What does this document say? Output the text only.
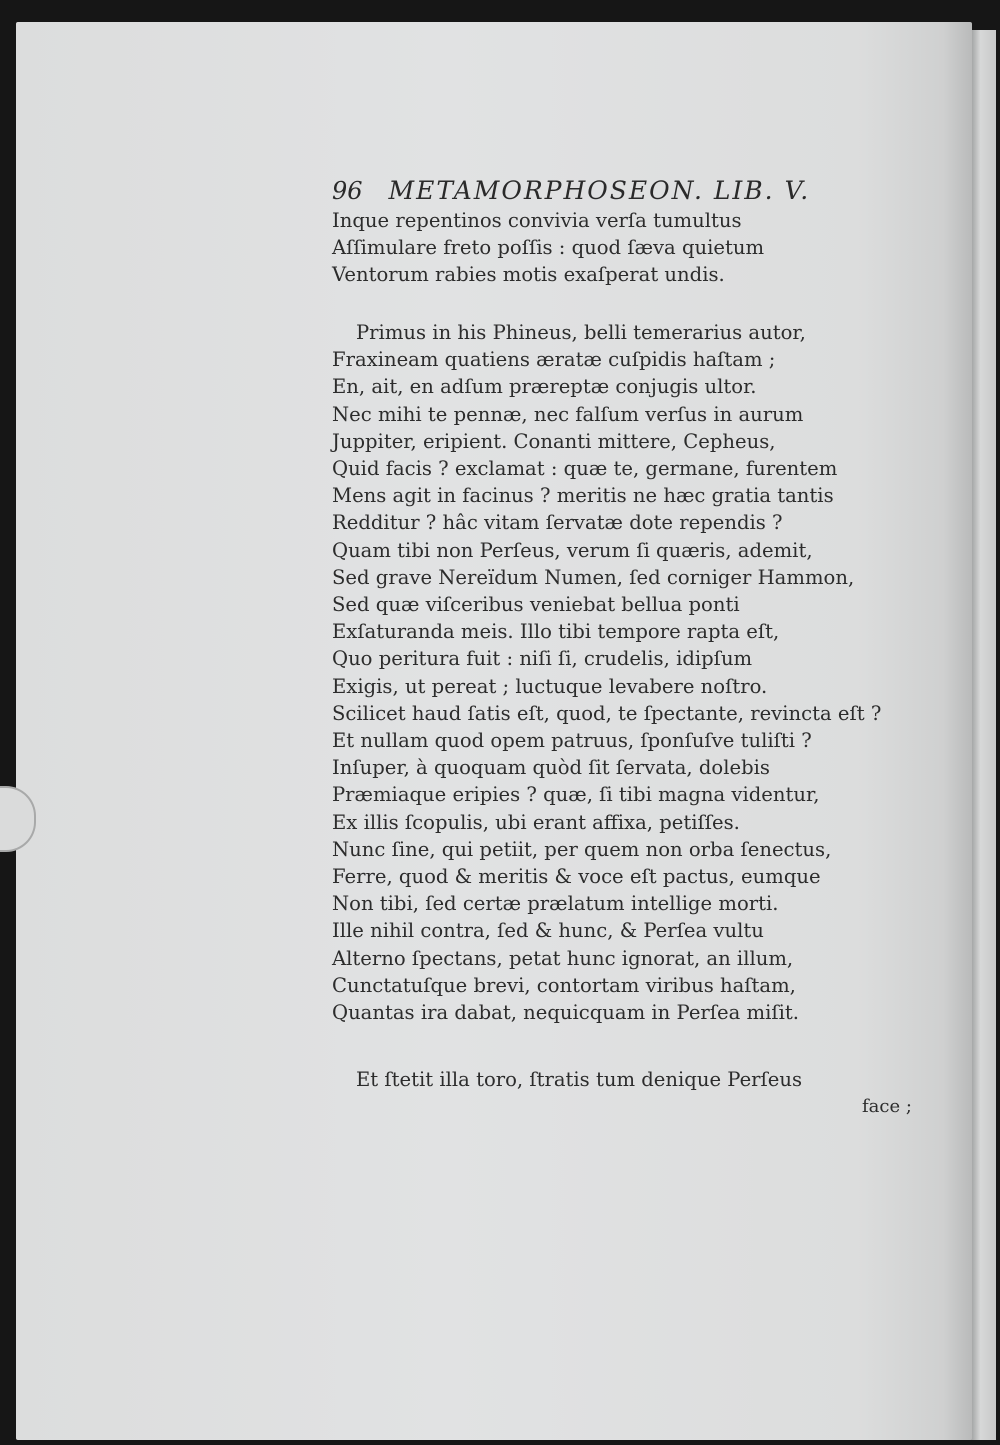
96 METAMORPHOSEON. LIB. V.
Inque repentinos convivia verſa tumultus
Aſſimulare freto poſſis : quod ſæva quietum
Ventorum rabies motis exaſperat undis.
Primus in his Phineus, belli temerarius autor,
Fraxineam quatiens æratæ cuſpidis haſtam ;
En, ait, en adſum præreptæ conjugis ultor.
Nec mihi te pennæ, nec falſum verſus in aurum
Juppiter, eripient. Conanti mittere, Cepheus,
Quid facis ? exclamat : quæ te, germane, furentem
Mens agit in facinus ? meritis ne hæc gratia tantis
Redditur ? hâc vitam ſervatæ dote rependis ?
Quam tibi non Perſeus, verum ſi quæris, ademit,
Sed grave Nereïdum Numen, ſed corniger Hammon,
Sed quæ viſceribus veniebat bellua ponti
Exſaturanda meis. Illo tibi tempore rapta eſt,
Quo peritura fuit : niſi ſi, crudelis, idipſum
Exigis, ut pereat ; luctuque levabere noſtro.
Scilicet haud ſatis eſt, quod, te ſpectante, revincta eſt ?
Et nullam quod opem patruus, ſponſuſve tuliſti ?
Inſuper, à quoquam quòd ſit ſervata, dolebis
Præmiaque eripies ? quæ, ſi tibi magna videntur,
Ex illis ſcopulis, ubi erant affixa, petiſſes.
Nunc ſine, qui petiit, per quem non orba ſenectus,
Ferre, quod & meritis & voce eſt pactus, eumque
Non tibi, ſed certæ prælatum intellige morti.
Ille nihil contra, ſed & hunc, & Perſea vultu
Alterno ſpectans, petat hunc ignorat, an illum,
Cunctatuſque brevi, contortam viribus haſtam,
Quantas ira dabat, nequicquam in Perſea miſit.
Et ſtetit illa toro, ſtratis tum denique Perſeus
face ;
